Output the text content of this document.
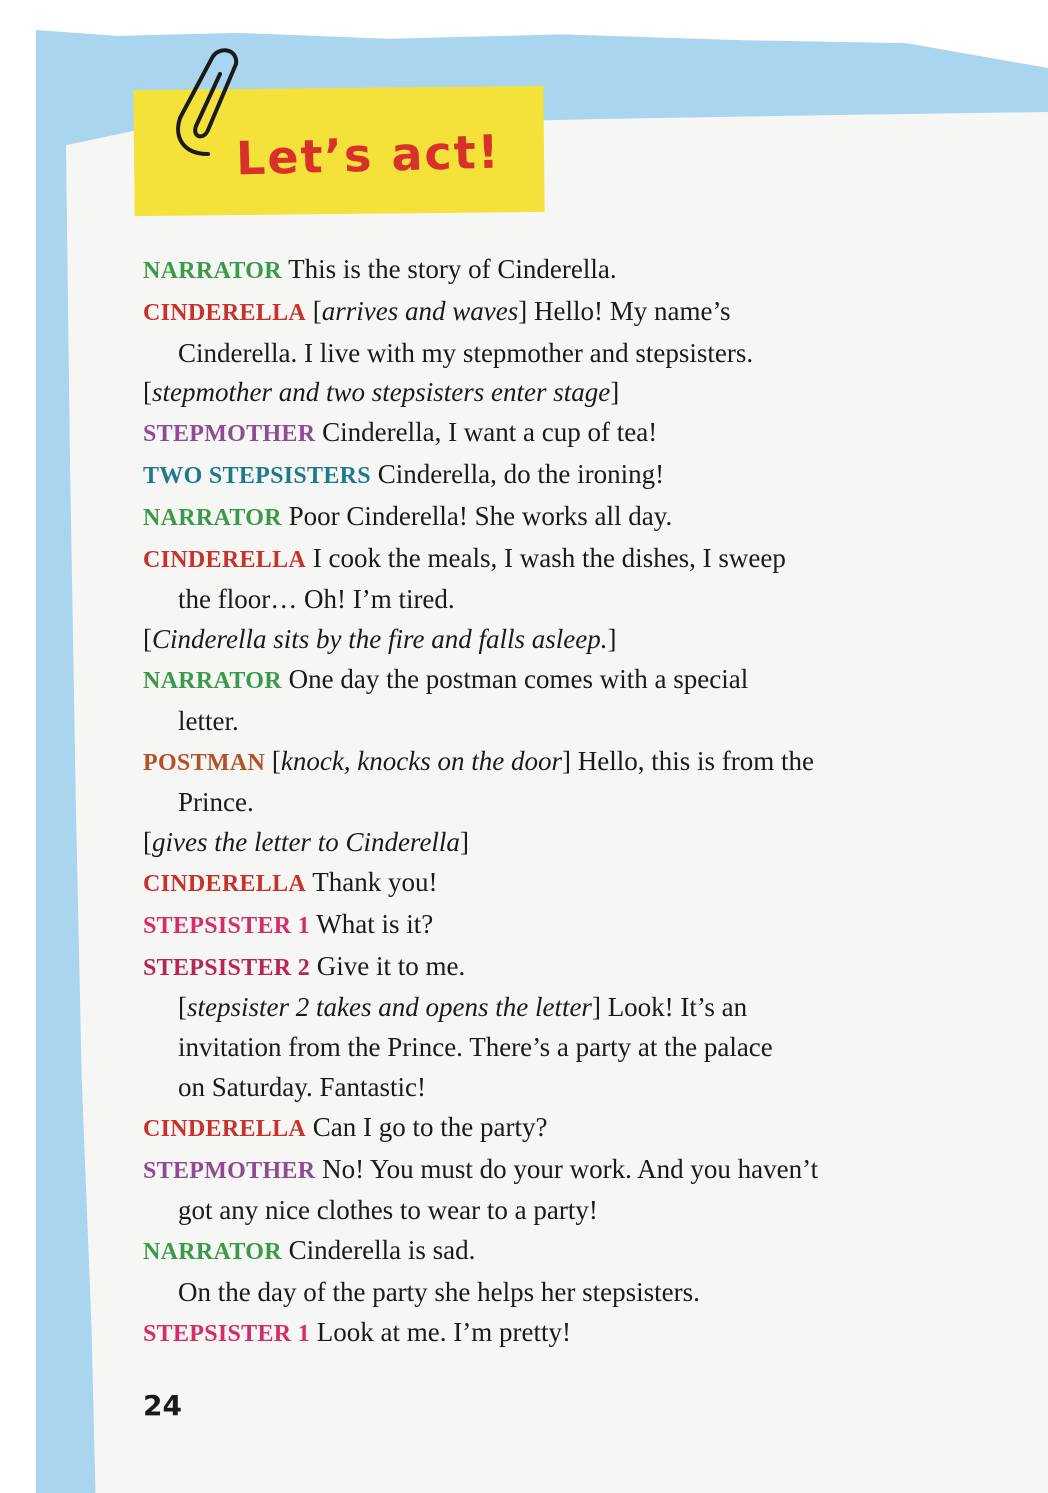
Let’s act!
NARRATOR This is the story of Cinderella.
CINDERELLA [arrives and waves] Hello! My name’s
Cinderella. I live with my stepmother and stepsisters.
[stepmother and two stepsisters enter stage]
STEPMOTHER Cinderella, I want a cup of tea!
TWO STEPSISTERS Cinderella, do the ironing!
NARRATOR Poor Cinderella! She works all day.
CINDERELLA I cook the meals, I wash the dishes, I sweep
the floor… Oh! I’m tired.
[Cinderella sits by the fire and falls asleep.]
NARRATOR One day the postman comes with a special
letter.
POSTMAN [knock, knocks on the door] Hello, this is from the
Prince.
[gives the letter to Cinderella]
CINDERELLA Thank you!
STEPSISTER 1 What is it?
STEPSISTER 2 Give it to me.
[stepsister 2 takes and opens the letter] Look! It’s an
invitation from the Prince. There’s a party at the palace
on Saturday. Fantastic!
CINDERELLA Can I go to the party?
STEPMOTHER No! You must do your work. And you haven’t
got any nice clothes to wear to a party!
NARRATOR Cinderella is sad.
On the day of the party she helps her stepsisters.
STEPSISTER 1 Look at me. I’m pretty!
24
